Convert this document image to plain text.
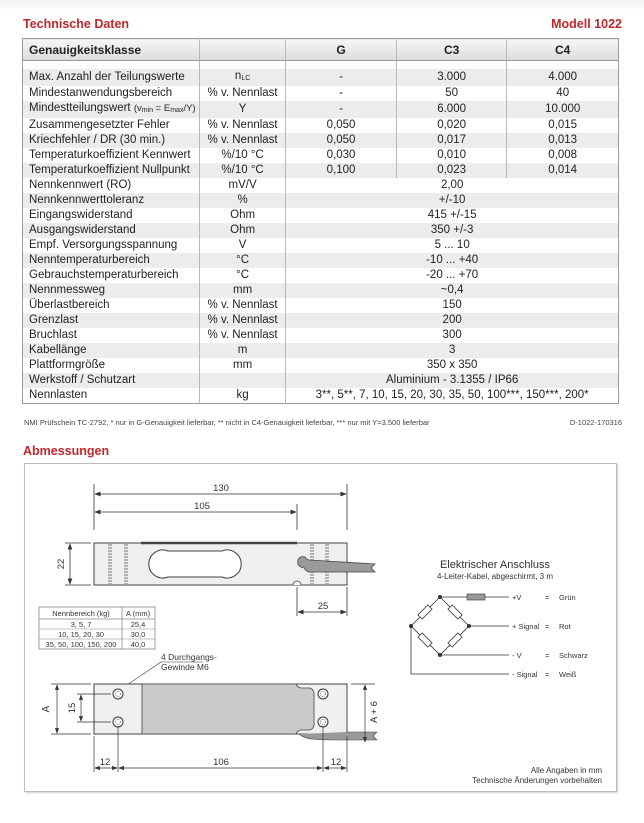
Technische Daten	Modell 1022
Genauigkeitsklasse		G	C3	C4

Max. Anzahl der Teilungswerte	nLC	-	3.000	4.000
Mindestanwendungsbereich	% v. Nennlast	-	50	40
Mindestteilungswert (vmin = Emax/Y)	Y	-	6.000	10.000
Zusammengesetzter Fehler	% v. Nennlast	0,050	0,020	0,015
Kriechfehler / DR (30 min.)	% v. Nennlast	0,050	0,017	0,013
Temperaturkoeffizient Kennwert	%/10 °C	0,030	0,010	0,008
Temperaturkoeffizient Nullpunkt	%/10 °C	0,100	0,023	0,014
Nennkennwert (RO)	mV/V	2,00		
Nennkennwerttoleranz	%	+/-10		
Eingangswiderstand	Ohm	415 +/-15		
Ausgangswiderstand	Ohm	350 +/-3		
Empf. Versorgungsspannung	V	5 ... 10		
Nenntemperaturbereich	°C	-10 ... +40		
Gebrauchstemperaturbereich	°C	-20 ... +70		
Nennmessweg	mm	~0,4		
Überlastbereich	% v. Nennlast	150		
Grenzlast	% v. Nennlast	200		
Bruchlast	% v. Nennlast	300		
Kabellänge	m	3		
Plattformgröße	mm	350 x 350		
Werkstoff / Schutzart		Aluminium - 3.1355 / IP66		
Nennlasten	kg	3**, 5**, 7, 10, 15, 20, 30, 35, 50, 100***, 150***, 200*		
NMI Prüfschein TC-2792, * nur in G-Genauigkeit lieferbar, ** nicht in C4-Genauigkeit lieferbar, *** nur mit Y=3.500 lieferbar	D-1022-170316
Abmessungen
130
105
22
25
Nennbereich (kg) A (mm)
3, 5, 7	25,4
10, 15, 20, 30	30,0
35, 50, 100, 150, 200 40,0
4 Durchgangs-
Gewinde M6
A 15	A + 6
12	106	12
Elektrischer Anschluss
4-Leiter-Kabel, abgeschirmt, 3 m
+V	= Grün
+ Signal = Rot
- V	= Schwarz
- Signal = Weiß
Alle Angaben in mm
Technische Änderungen vorbehalten
